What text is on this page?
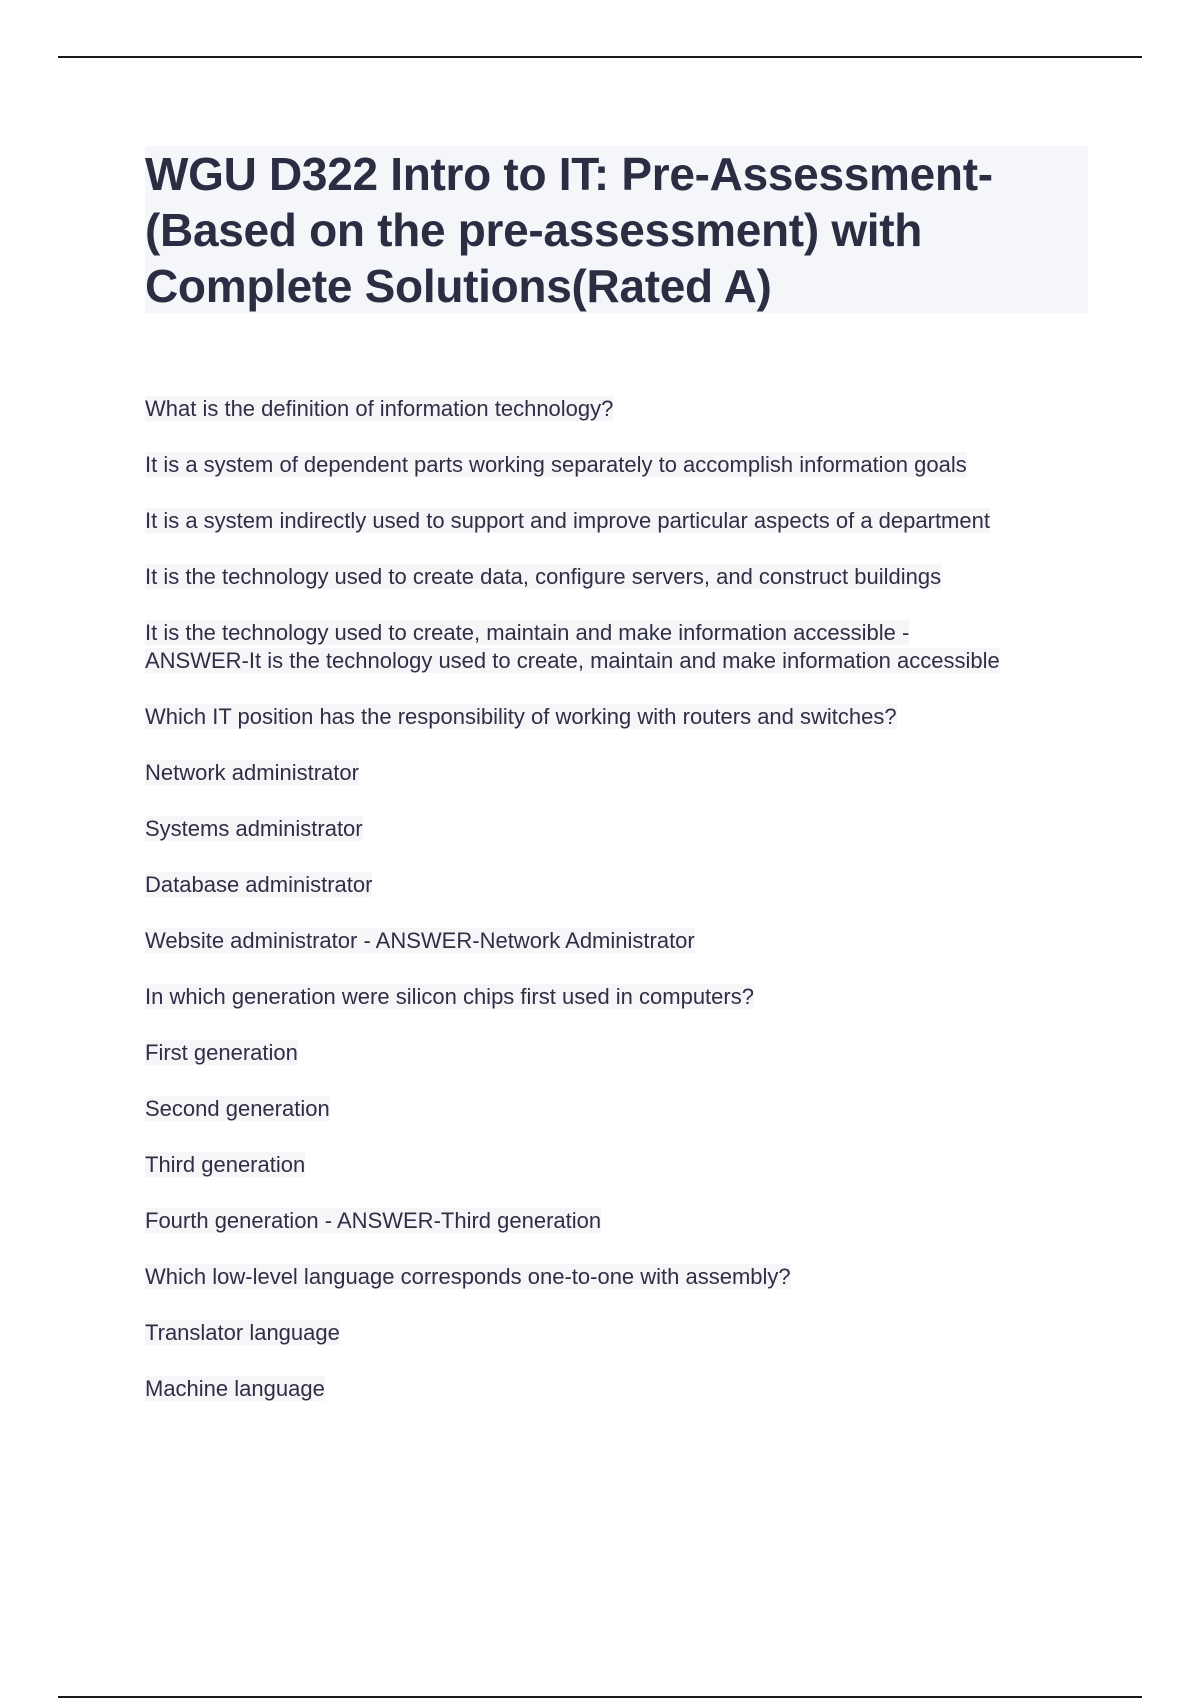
WGU D322 Intro to IT: Pre-Assessment-
(Based on the pre-assessment) with
Complete Solutions(Rated A)

What is the definition of information technology?

It is a system of dependent parts working separately to accomplish information goals

It is a system indirectly used to support and improve particular aspects of a department

It is the technology used to create data, configure servers, and construct buildings

It is the technology used to create, maintain and make information accessible -
ANSWER-It is the technology used to create, maintain and make information accessible

Which IT position has the responsibility of working with routers and switches?

Network administrator

Systems administrator

Database administrator

Website administrator - ANSWER-Network Administrator

In which generation were silicon chips first used in computers?

First generation

Second generation

Third generation

Fourth generation - ANSWER-Third generation

Which low-level language corresponds one-to-one with assembly?

Translator language

Machine language
